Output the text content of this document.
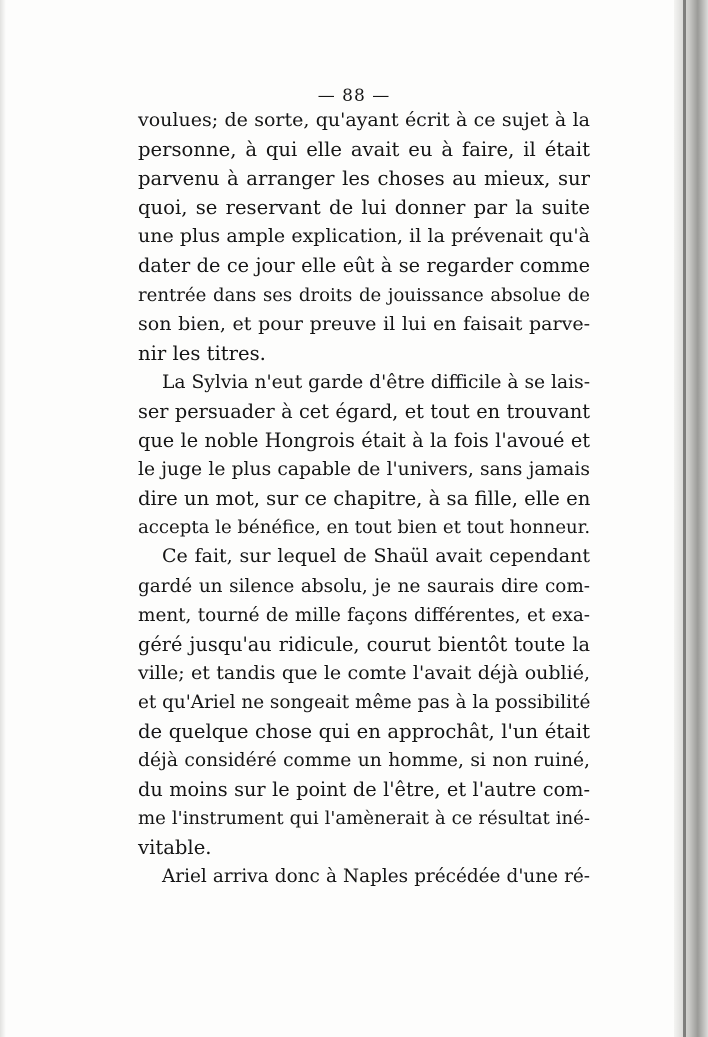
— 88 —
voulues; de sorte, qu'ayant écrit à ce sujet à la
personne, à qui elle avait eu à faire, il était
parvenu à arranger les choses au mieux, sur
quoi, se reservant de lui donner par la suite
une plus ample explication, il la prévenait qu'à
dater de ce jour elle eût à se regarder comme
rentrée dans ses droits de jouissance absolue de
son bien, et pour preuve il lui en faisait parve-
nir les titres.
La Sylvia n'eut garde d'être difficile à se lais-
ser persuader à cet égard, et tout en trouvant
que le noble Hongrois était à la fois l'avoué et
le juge le plus capable de l'univers, sans jamais
dire un mot, sur ce chapitre, à sa fille, elle en
accepta le bénéfice, en tout bien et tout honneur.
Ce fait, sur lequel de Shaül avait cependant
gardé un silence absolu, je ne saurais dire com-
ment, tourné de mille façons différentes, et exa-
géré jusqu'au ridicule, courut bientôt toute la
ville; et tandis que le comte l'avait déjà oublié,
et qu'Ariel ne songeait même pas à la possibilité
de quelque chose qui en approchât, l'un était
déjà considéré comme un homme, si non ruiné,
du moins sur le point de l'être, et l'autre com-
me l'instrument qui l'amènerait à ce résultat iné-
vitable.
Ariel arriva donc à Naples précédée d'une ré-
